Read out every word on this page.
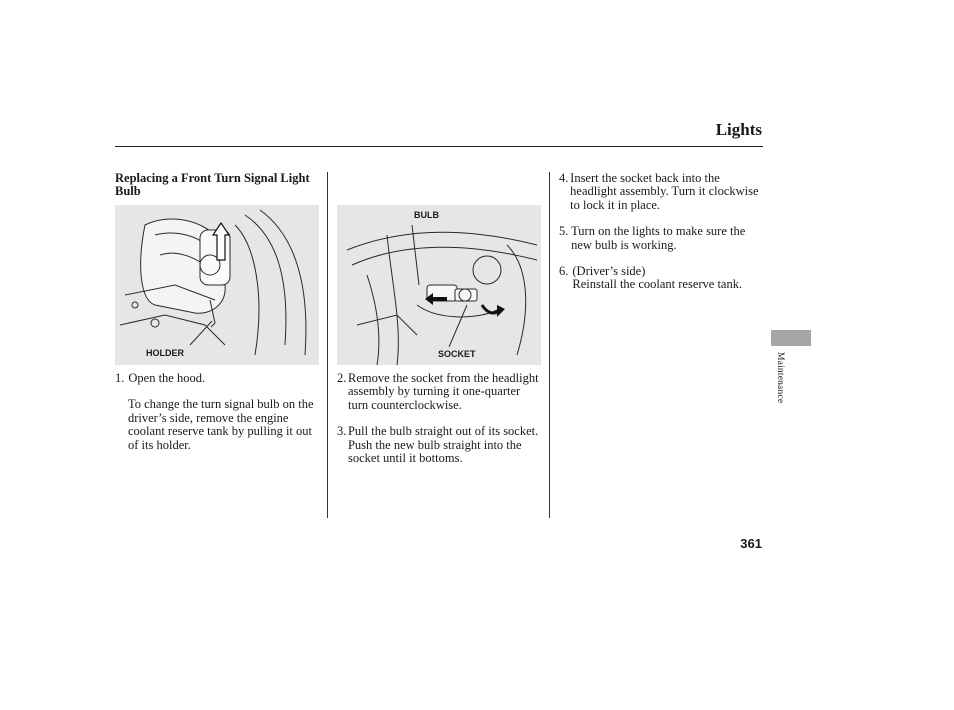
Lights
Replacing a Front Turn Signal Light Bulb
HOLDER
BULB
SOCKET
1. Open the hood.
To change the turn signal bulb on the driver’s side, remove the engine coolant reserve tank by pulling it out of its holder.
2. Remove the socket from the headlight assembly by turning it one-quarter turn counterclockwise.
3. Pull the bulb straight out of its socket. Push the new bulb straight into the socket until it bottoms.
4. Insert the socket back into the headlight assembly. Turn it clockwise to lock it in place.
5. Turn on the lights to make sure the new bulb is working.
6. (Driver’s side)
Reinstall the coolant reserve tank.
Maintenance
361
